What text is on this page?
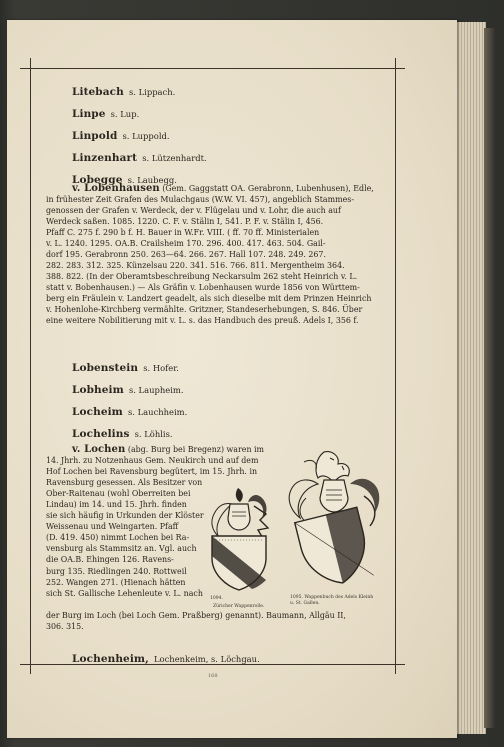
Litebach s. Lippach.
Linpe s. Lup.
Linpold s. Luppold.
Linzenhart s. Lützenhardt.
Lobegge s. Laubegg.
v. Lobenhausen (Gem. Gaggstatt OA. Gerabronn, Lubenhusen), Edle,
in frühester Zeit Grafen des Mulachgaus (W.W. VI. 457), angeblich Stammes-
genossen der Grafen v. Werdeck, der v. Flügelau und v. Lohr, die auch auf
Werdeck saßen. 1085. 1220. C. F. v. Stälin I, 541. P. F. v. Stälin I, 456.
Pfaff C. 275 f. 290 b f. H. Bauer in W.Fr. VIII. ( ff. 70 ff. Ministerialen
v. L. 1240. 1295. OA.B. Crailsheim 170. 296. 400. 417. 463. 504. Gail-
dorf 195. Gerabronn 250. 263—64. 266. 267. Hall 107. 248. 249. 267.
282. 283. 312. 325. Künzelsau 220. 341. 516. 766. 811. Mergentheim 364.
388. 822. (In der Oberamtsbeschreibung Neckarsulm 262 steht Heinrich v. L.
statt v. Bobenhausen.) — Als Gräfin v. Lobenhausen wurde 1856 von Württem-
berg ein Fräulein v. Landzert geadelt, als sich dieselbe mit dem Prinzen Heinrich
v. Hohenlohe-Kirchberg vermählte. Gritzner, Standeserhebungen, S. 846. Über
eine weitere Nobilitierung mit v. L. s. das Handbuch des preuß. Adels I, 356 f.
Lobenstein s. Hofer.
Lobheim s. Laupheim.
Locheim s. Lauchheim.
Lochelins s. Löhlis.
v. Lochen (abg. Burg bei Bregenz) waren im
14. Jhrh. zu Notzenhaus Gem. Neukirch und auf dem
Hof Lochen bei Ravensburg begütert, im 15. Jhrh. in
Ravensburg gesessen. Als Besitzer von
Ober-Raitenau (wohl Oberreiten bei
Lindau) im 14. und 15. Jhrh. finden
sie sich häufig in Urkunden der Klöster
Weissenau und Weingarten. Pfaff
(D. 419. 450) nimmt Lochen bei Ra-
vensburg als Stammsitz an. Vgl. auch
die OA.B. Ehingen 126. Ravens-
burg 135. Riedlingen 240. Rottweil
252. Wangen 271. (Hienach hätten
sich St. Gallische Lehenleute v. L. nach
der Burg im Loch (bei Loch Gem. Praßberg) genannt). Baumann, Allgäu II,
306. 315.
1094.
Züricher Wappenrolle.
1095. Wappenbuch des Adels Kleinh
u. St. Gallen.
Lochenheim, Lochenkeim, s. Löchgau.
168
